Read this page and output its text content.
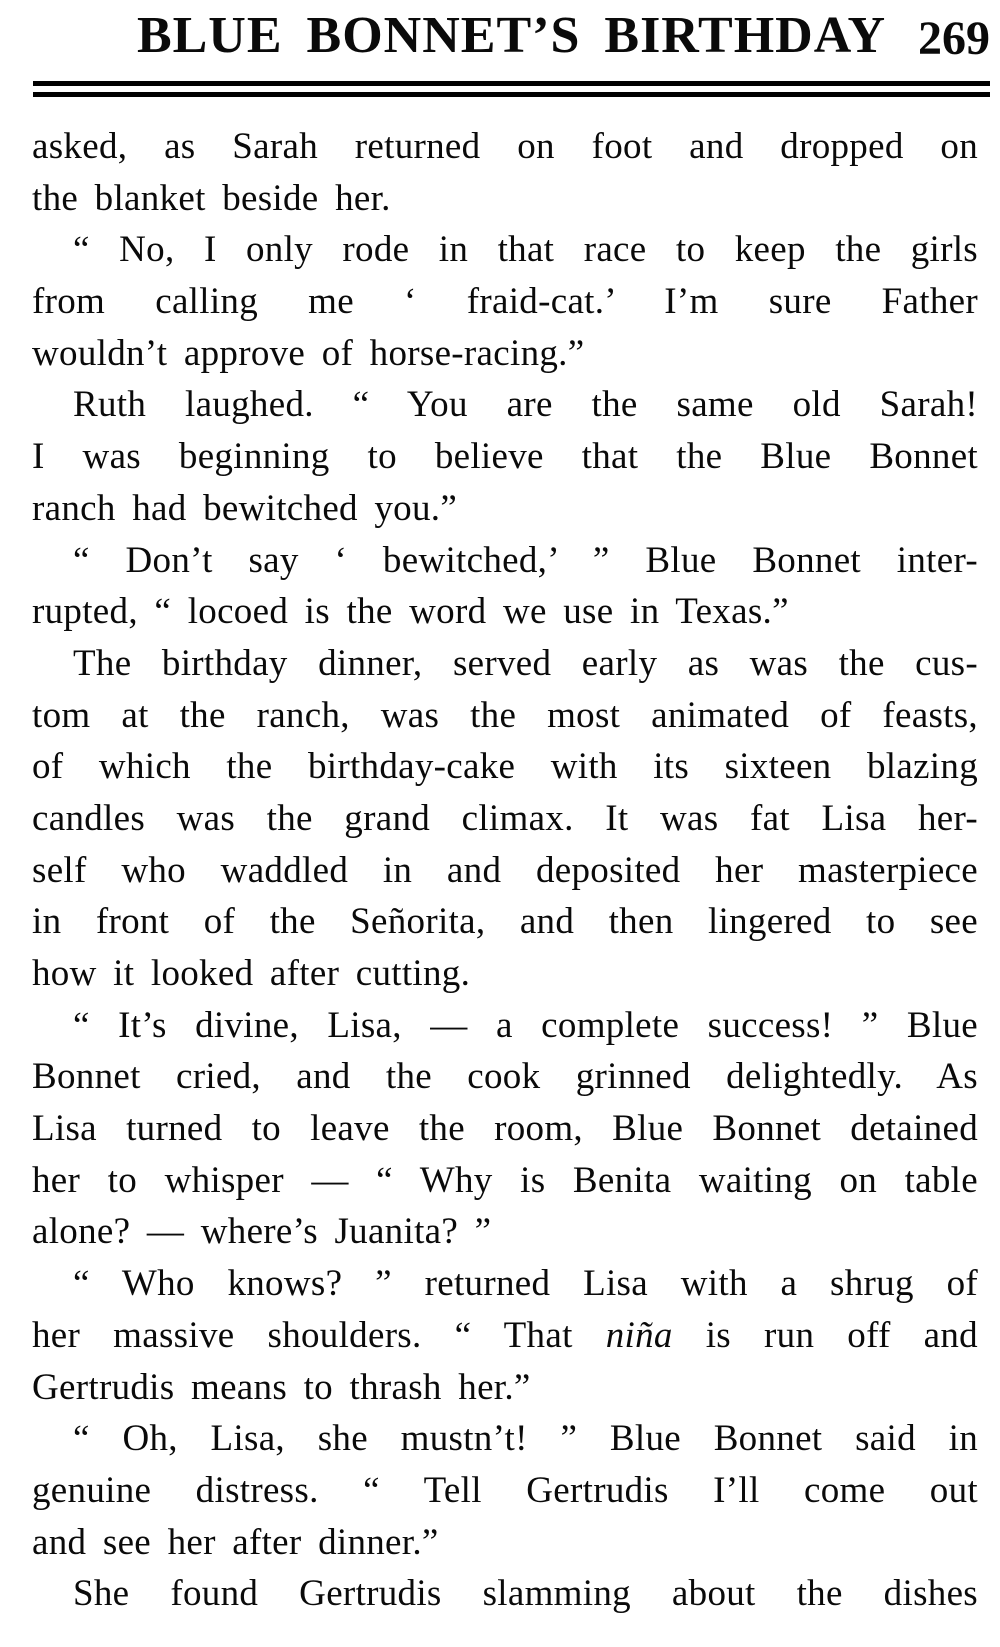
BLUE BONNET’S BIRTHDAY 269
asked, as Sarah returned on foot and dropped on
the blanket beside her.
“ No, I only rode in that race to keep the girls
from calling me ‘ fraid-cat.’ I’m sure Father
wouldn’t approve of horse-racing.”
Ruth laughed. “ You are the same old Sarah!
I was beginning to believe that the Blue Bonnet
ranch had bewitched you.”
“ Don’t say ‘ bewitched,’ ” Blue Bonnet inter-
rupted, “ locoed is the word we use in Texas.”
The birthday dinner, served early as was the cus-
tom at the ranch, was the most animated of feasts,
of which the birthday-cake with its sixteen blazing
candles was the grand climax. It was fat Lisa her-
self who waddled in and deposited her masterpiece
in front of the Señorita, and then lingered to see
how it looked after cutting.
“ It’s divine, Lisa, — a complete success! ” Blue
Bonnet cried, and the cook grinned delightedly. As
Lisa turned to leave the room, Blue Bonnet detained
her to whisper — “ Why is Benita waiting on table
alone? — where’s Juanita? ”
“ Who knows? ” returned Lisa with a shrug of
her massive shoulders. “ That niña is run off and
Gertrudis means to thrash her.”
“ Oh, Lisa, she mustn’t! ” Blue Bonnet said in
genuine distress. “ Tell Gertrudis I’ll come out
and see her after dinner.”
She found Gertrudis slamming about the dishes
